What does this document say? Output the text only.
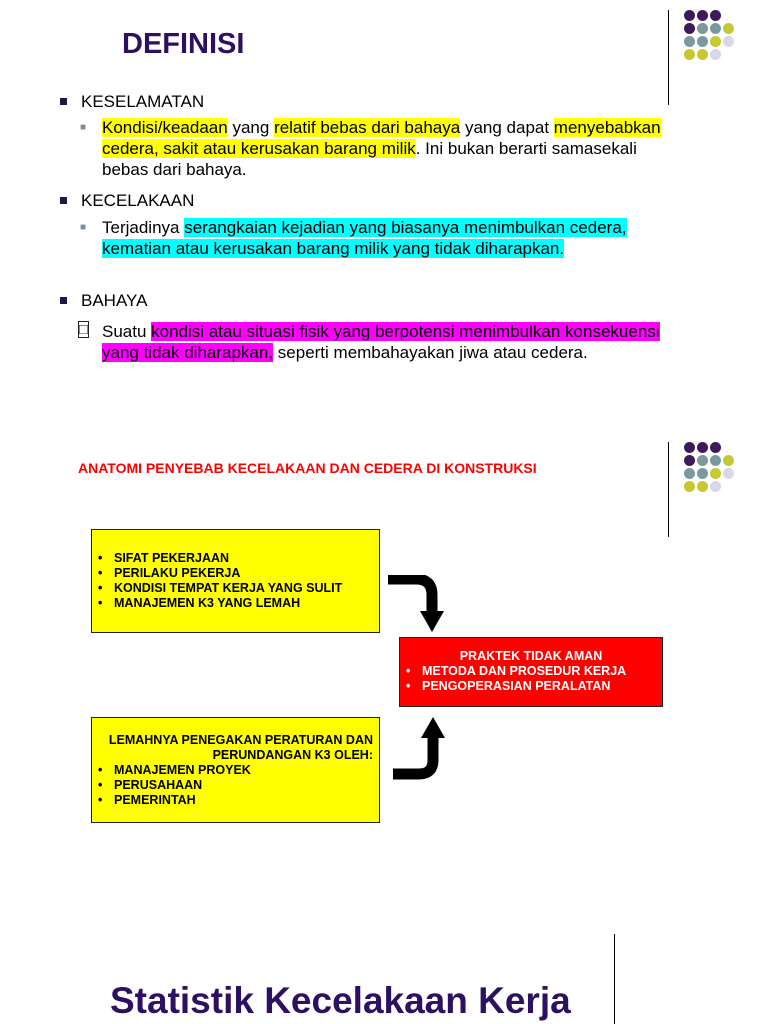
DEFINISI
KESELAMATAN
■ Kondisi/keadaan yang relatif bebas dari bahaya yang dapat menyebabkan cedera, sakit atau kerusakan barang milik. Ini bukan berarti samasekali bebas dari bahaya.
KECELAKAAN
■ Terjadinya serangkaian kejadian yang biasanya menimbulkan cedera, kematian atau kerusakan barang milik yang tidak diharapkan.
BAHAYA
□ Suatu kondisi atau situasi fisik yang berpotensi menimbulkan konsekuensi yang tidak diharapkan, seperti membahayakan jiwa atau cedera.
ANATOMI PENYEBAB KECELAKAAN DAN CEDERA DI KONSTRUKSI
• SIFAT PEKERJAAN
• PERILAKU PEKERJA
• KONDISI TEMPAT KERJA YANG SULIT
• MANAJEMEN K3 YANG LEMAH
PRAKTEK TIDAK AMAN
• METODA DAN PROSEDUR KERJA
• PENGOPERASIAN PERALATAN
LEMAHNYA PENEGAKAN PERATURAN DAN
PERUNDANGAN K3 OLEH:
• MANAJEMEN PROYEK
• PERUSAHAAN
• PEMERINTAH
Statistik Kecelakaan Kerja
